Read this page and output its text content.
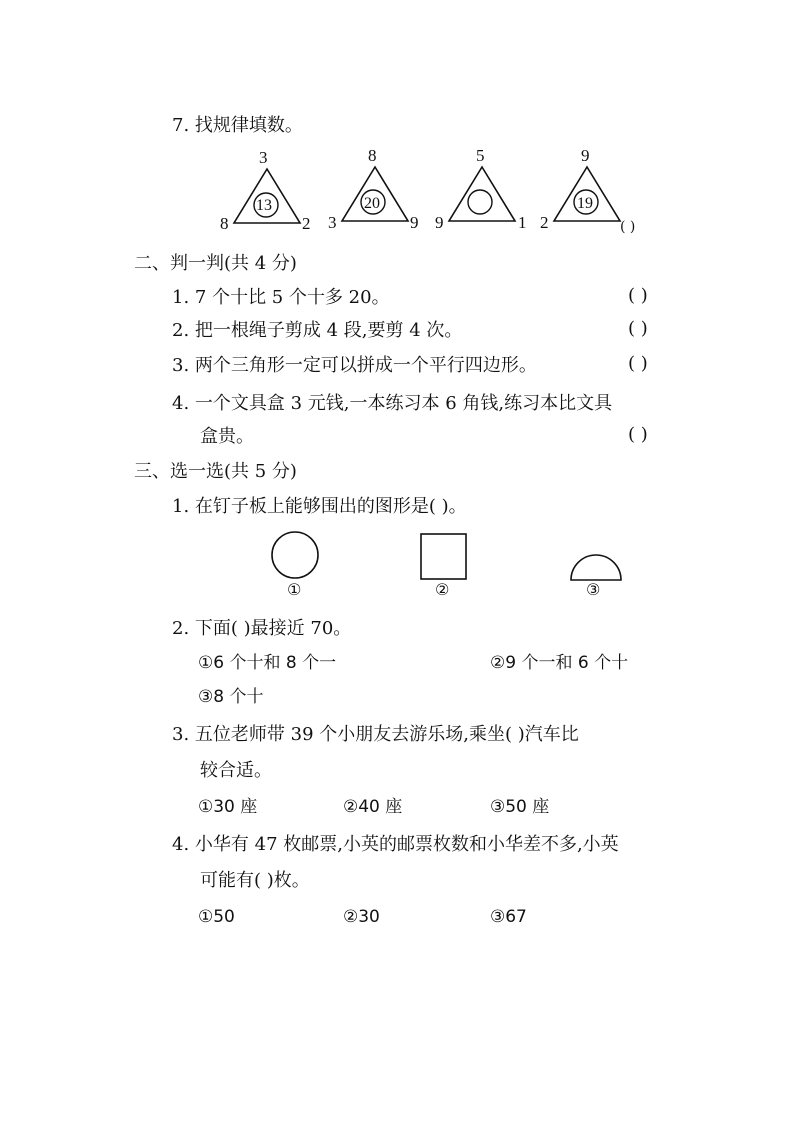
7. 找规律填数。
3
13
8	2
8
20
3	9
5
9	1
9
19
2	( )
二、判一判(共 4 分)
1. 7 个十比 5 个十多 20。	( )
2. 把一根绳子剪成 4 段,要剪 4 次。	( )
3. 两个三角形一定可以拼成一个平行四边形。	( )
4. 一个文具盒 3 元钱,一本练习本 6 角钱,练习本比文具
盒贵。	( )
三、选一选(共 5 分)
1. 在钉子板上能够围出的图形是( )。
①	②	③
2. 下面( )最接近 70。
①6 个十和 8 个一	②9 个一和 6 个十
③8 个十
3. 五位老师带 39 个小朋友去游乐场,乘坐( )汽车比
较合适。
①30 座	②40 座	③50 座
4. 小华有 47 枚邮票,小英的邮票枚数和小华差不多,小英
可能有( )枚。
①50	②30	③67
